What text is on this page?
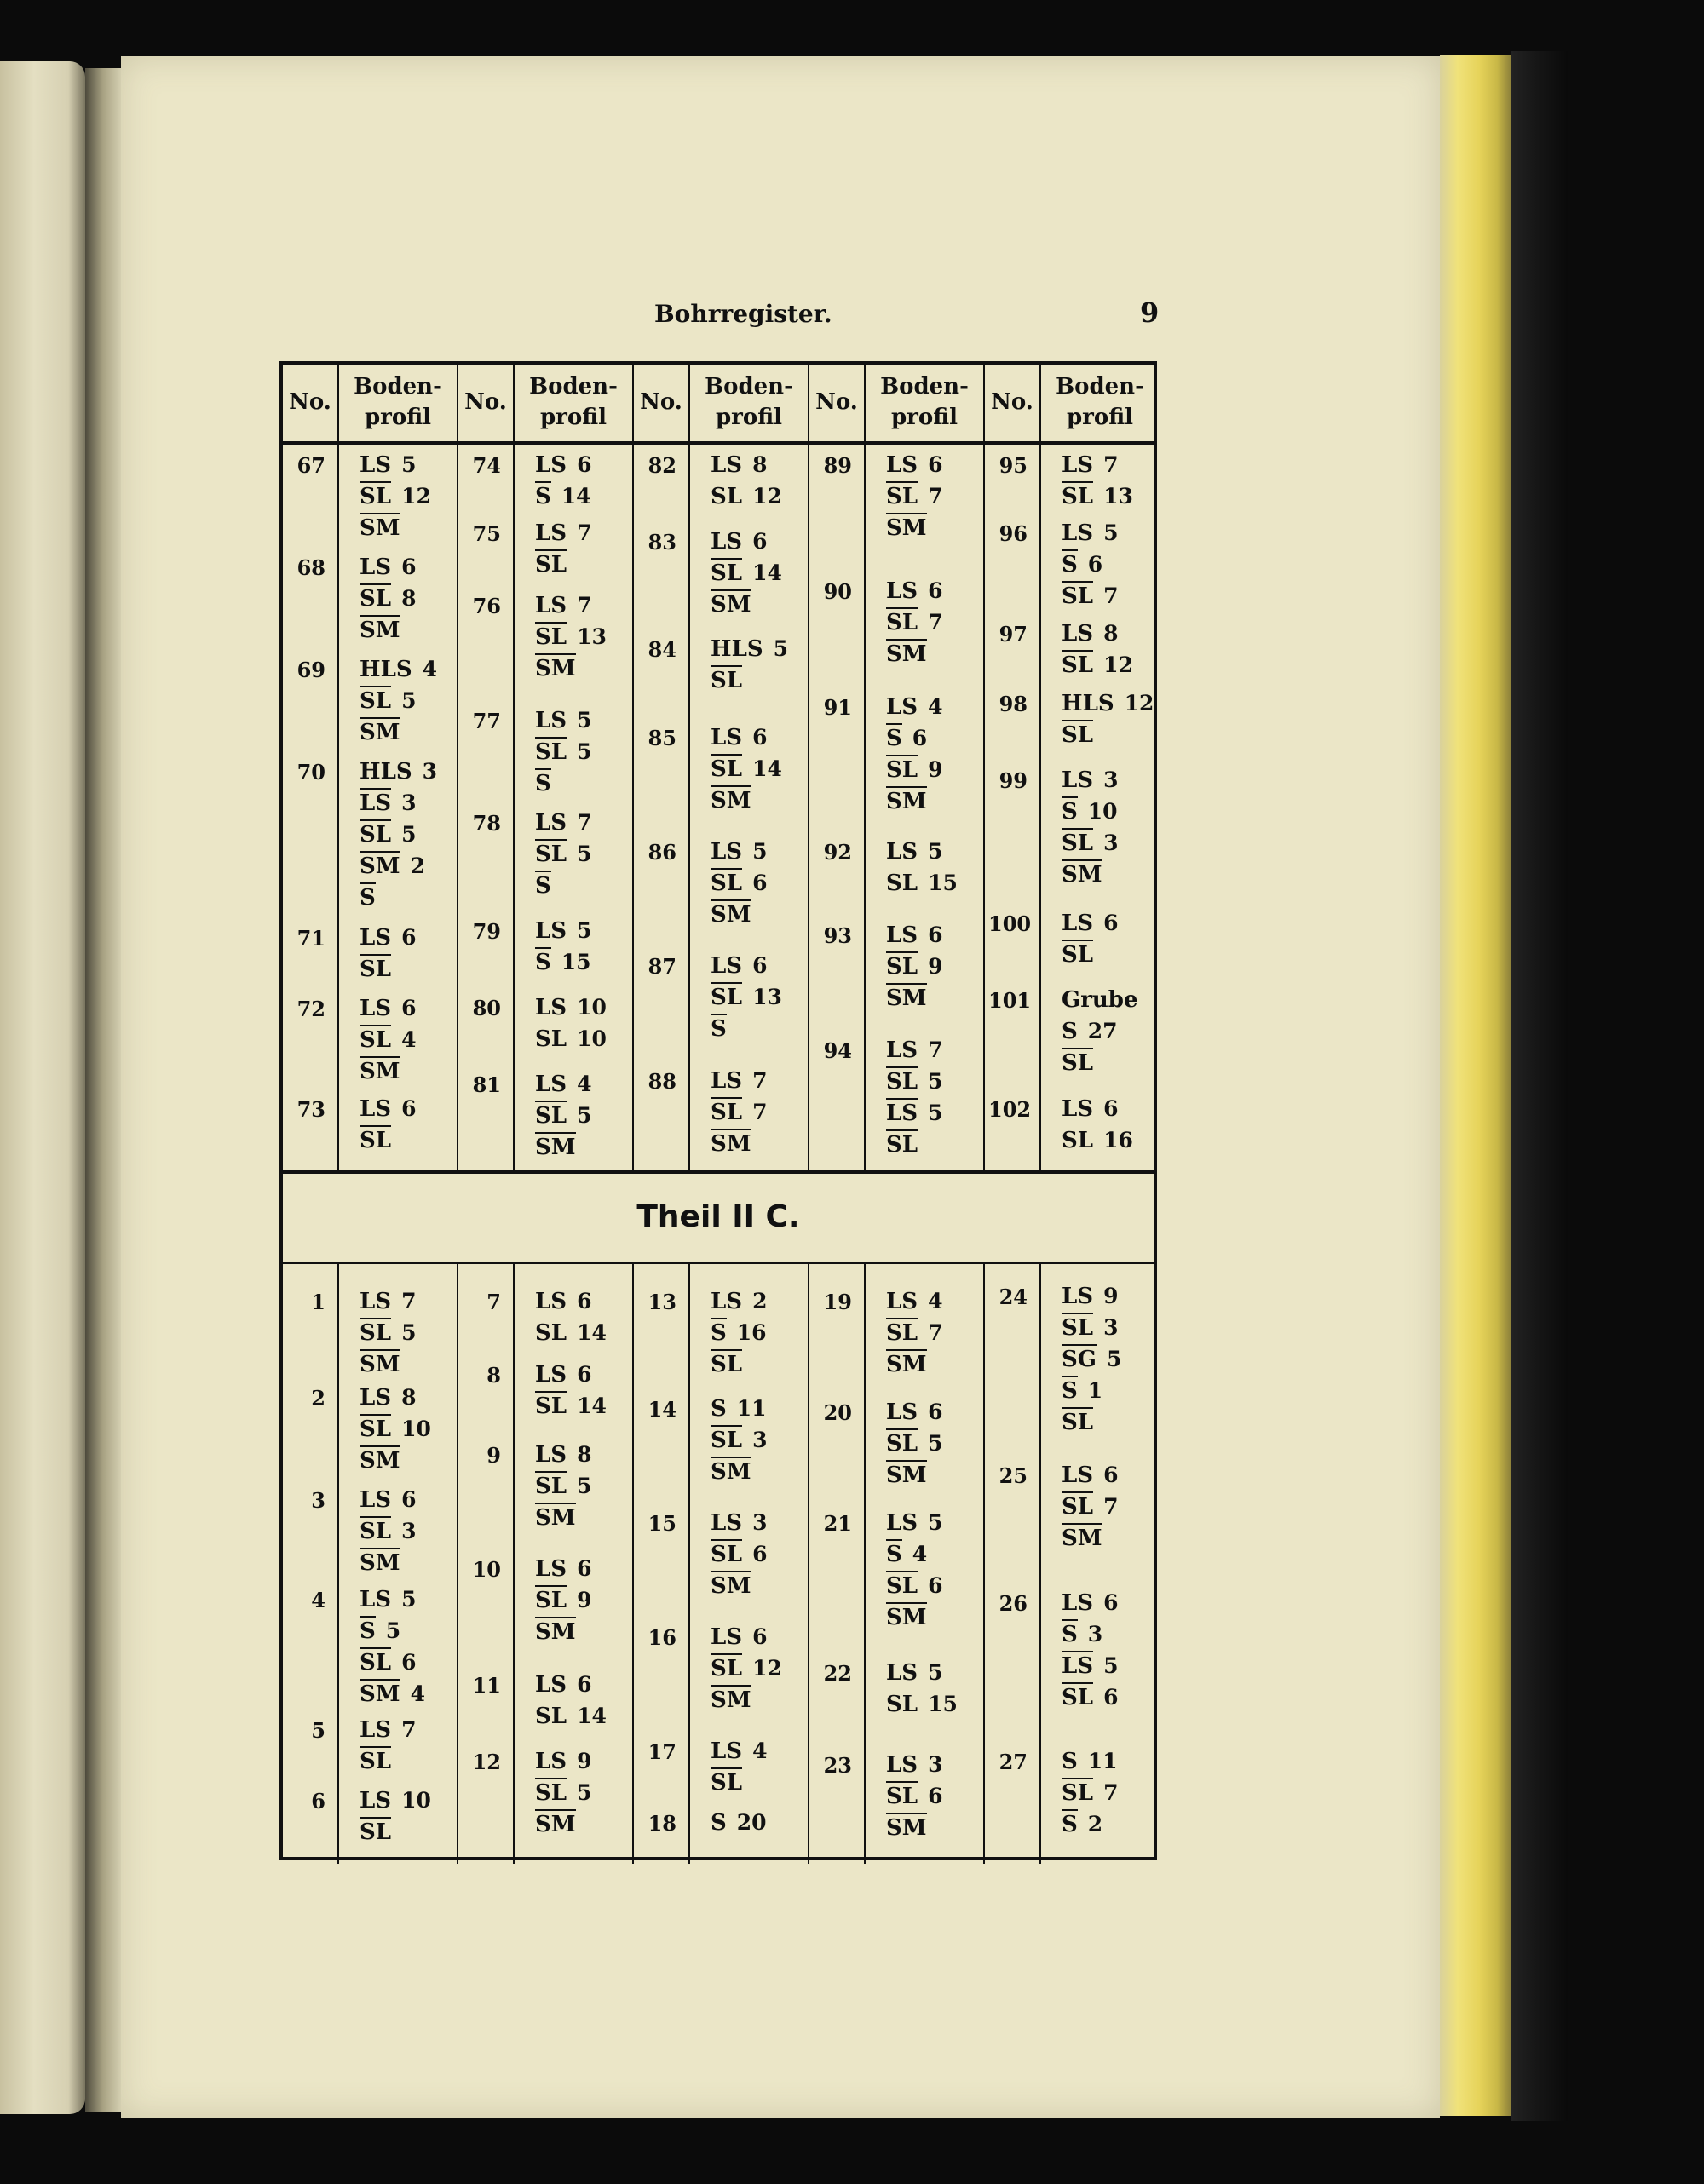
Bohrregister.	9
Theil II C.
No.
Boden-
profil
No.
Boden-
profil
No.
Boden-
profil
No.
Boden-
profil
No.
Boden-
profil
67 LS 5
SL 12
SM
68 LS 6
SL 8
SM
69 HLS 4
SL 5
SM
70 HLS 3
LS 3
SL 5
SM 2
S
71 LS 6
SL
72 LS 6
SL 4
SM
73 LS 6
SL
74 LS 6
S 14
75 LS 7
SL
76 LS 7
SL 13
SM
77 LS 5
SL 5
S
78 LS 7
SL 5
S
79 LS 5
S 15
80 LS 10
SL 10
81 LS 4
SL 5
SM
82 LS 8
SL 12
83 LS 6
SL 14
SM
84 HLS 5
SL
85 LS 6
SL 14
SM
86 LS 5
SL 6
SM
87 LS 6
SL 13
S
88 LS 7
SL 7
SM
89 LS 6
SL 7
SM
90 LS 6
SL 7
SM
91 LS 4
S 6
SL 9
SM
92 LS 5
SL 15
93 LS 6
SL 9
SM
94 LS 7
SL 5
LS 5
SL
95 LS 7
SL 13
96 LS 5
S 6
SL 7
97 LS 8
SL 12
98 HLS 12
SL
99 LS 3
S 10
SL 3
SM
100 LS 6
SL
101 Grube
S 27
SL
102 LS 6
SL 16
1 LS 7
SL 5
SM
2 LS 8
SL 10
SM
3 LS 6
SL 3
SM
4 LS 5
S 5
SL 6
SM 4
5 LS 7
SL
6 LS 10
SL
7 LS 6
SL 14
8 LS 6
SL 14
9 LS 8
SL 5
SM
10 LS 6
SL 9
SM
11 LS 6
SL 14
12 LS 9
SL 5
SM
13 LS 2
S 16
SL
14 S 11
SL 3
SM
15 LS 3
SL 6
SM
16 LS 6
SL 12
SM
17 LS 4
SL
18 S 20
19 LS 4
SL 7
SM
20 LS 6
SL 5
SM
21 LS 5
S 4
SL 6
SM
22 LS 5
SL 15
23 LS 3
SL 6
SM
24 LS 9
SL 3
SG 5
S 1
SL
25 LS 6
SL 7
SM
26 LS 6
S 3
LS 5
SL 6
27 S 11
SL 7
S 2
